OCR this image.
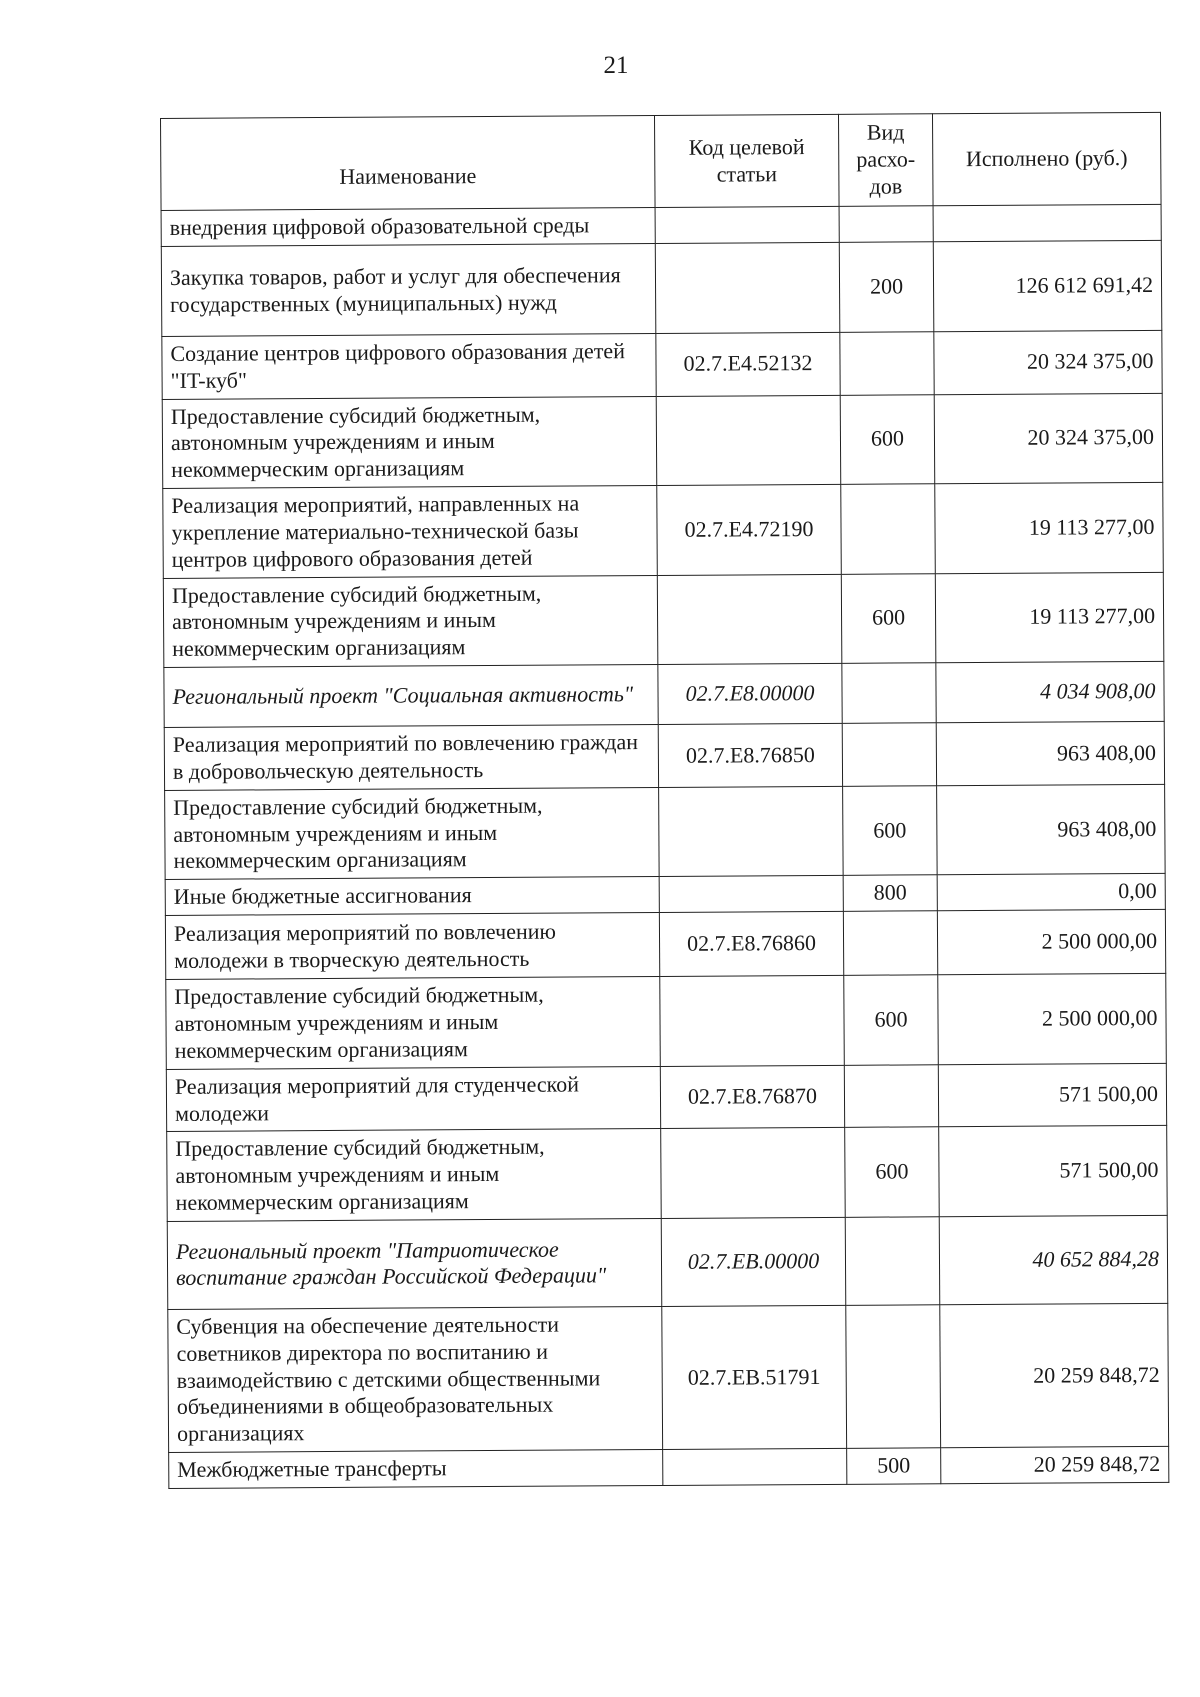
21
Наименование	Код целевой статьи	Вид расхо-дов	Исполнено (руб.)
внедрения цифровой образовательной среды			
Закупка товаров, работ и услуг для обеспечения государственных (муниципальных) нужд		200	126 612 691,42
Создание центров цифрового образования детей "IT-куб"	02.7.E4.52132		20 324 375,00
Предоставление субсидий бюджетным, автономным учреждениям и иным некоммерческим организациям		600	20 324 375,00
Реализация мероприятий, направленных на укрепление материально-технической базы центров цифрового образования детей	02.7.E4.72190		19 113 277,00
Предоставление субсидий бюджетным, автономным учреждениям и иным некоммерческим организациям		600	19 113 277,00
Региональный проект "Социальная активность"	02.7.E8.00000		4 034 908,00
Реализация мероприятий по вовлечению граждан в добровольческую деятельность	02.7.E8.76850		963 408,00
Предоставление субсидий бюджетным, автономным учреждениям и иным некоммерческим организациям		600	963 408,00
Иные бюджетные ассигнования		800	0,00
Реализация мероприятий по вовлечению молодежи в творческую деятельность	02.7.E8.76860		2 500 000,00
Предоставление субсидий бюджетным, автономным учреждениям и иным некоммерческим организациям		600	2 500 000,00
Реализация мероприятий для студенческой молодежи	02.7.E8.76870		571 500,00
Предоставление субсидий бюджетным, автономным учреждениям и иным некоммерческим организациям		600	571 500,00
Региональный проект "Патриотическое воспитание граждан Российской Федерации"	02.7.EB.00000		40 652 884,28
Субвенция на обеспечение деятельности советников директора по воспитанию и взаимодействию с детскими общественными объединениями в общеобразовательных организациях	02.7.EB.51791		20 259 848,72
Межбюджетные трансферты		500	20 259 848,72
